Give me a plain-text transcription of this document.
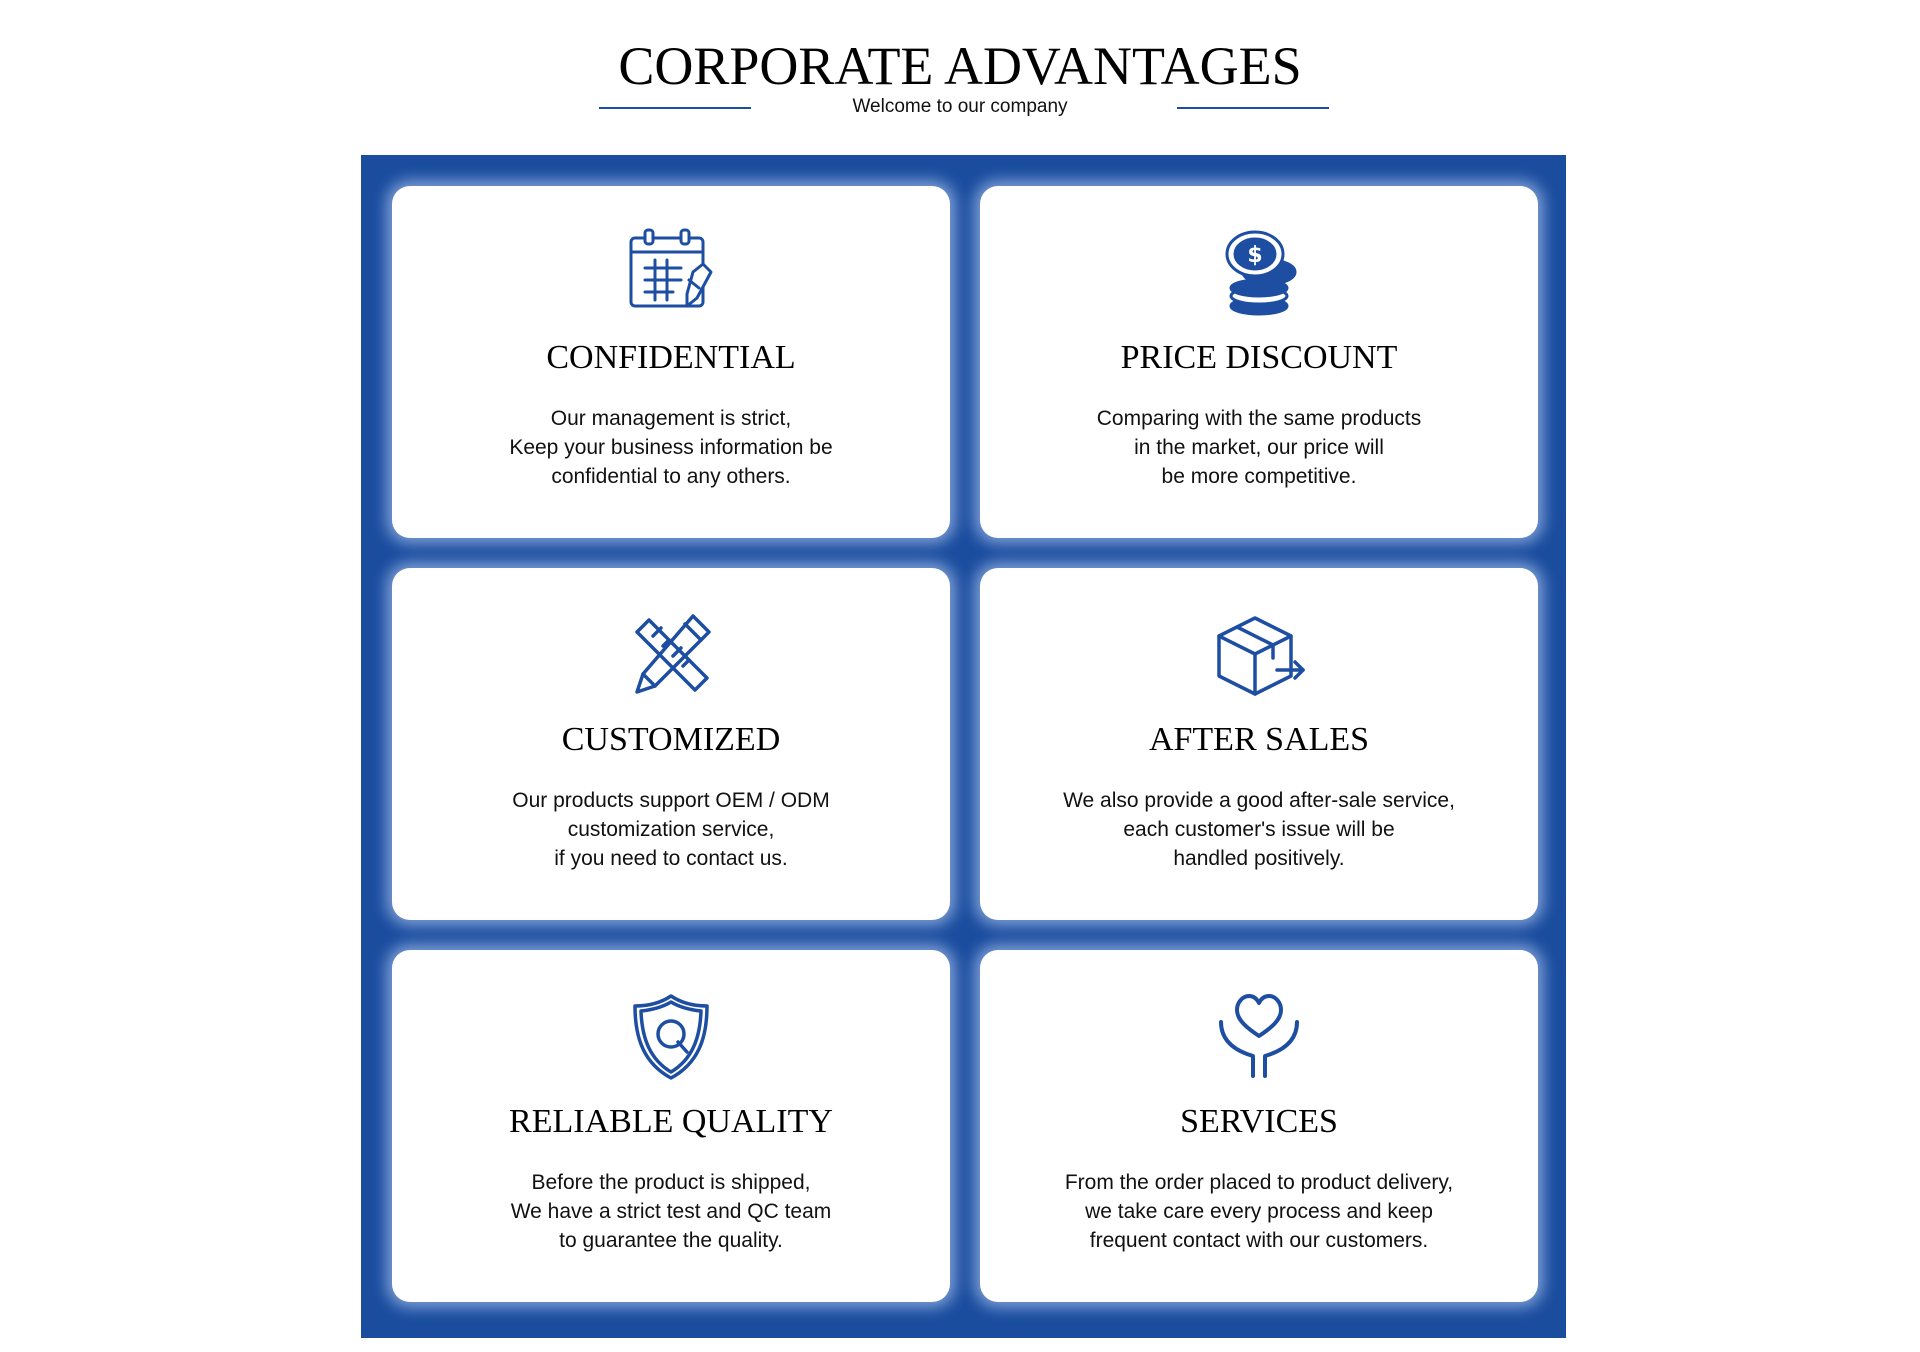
CORPORATE ADVANTAGES
Welcome to our company
CONFIDENTIAL
Our management is strict,
Keep your business information be
confidential to any others.
$
PRICE DISCOUNT
Comparing with the same products
in the market, our price will
be more competitive.
CUSTOMIZED
Our products support OEM / ODM
customization service,
if you need to contact us.
AFTER SALES
We also provide a good after-sale service,
each customer's issue will be
handled positively.
RELIABLE QUALITY
Before the product is shipped,
We have a strict test and QC team
to guarantee the quality.
SERVICES
From the order placed to product delivery,
we take care every process and keep
frequent contact with our customers.
